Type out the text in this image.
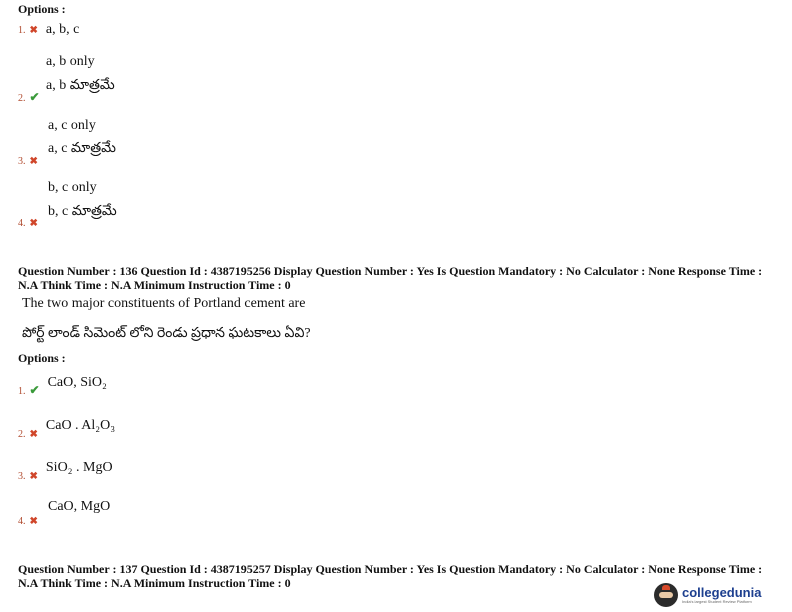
Options :
1. ✖ a, b, c
a, b only
a, b మాత్రమే
2. ✔
a, c only
a, c మాత్రమే
3. ✖
b, c only
b, c మాత్రమే
4. ✖
Question Number : 136 Question Id : 4387195256 Display Question Number : Yes Is Question Mandatory : No Calculator : None Response Time :
N.A Think Time : N.A Minimum Instruction Time : 0
The two major constituents of Portland cement are
పోర్ట్ లాండ్ సిమెంట్ లోని రెండు ప్రధాన ఘటకాలు ఏవి?
Options :
$_{1.}$ $_✔$ CaO, SiO₂
$_{2.}$ $_✖$ CaO . Al₂O₃
$_{3.}$ $_✖$ SiO₂ . MgO
CaO, MgO
4. ✖
Question Number : 137 Question Id : 4387195257 Display Question Number : Yes Is Question Mandatory : No Calculator : None Response Time :
N.A Think Time : N.A Minimum Instruction Time : 0
collegedunia
India's largest Student Review Platform
